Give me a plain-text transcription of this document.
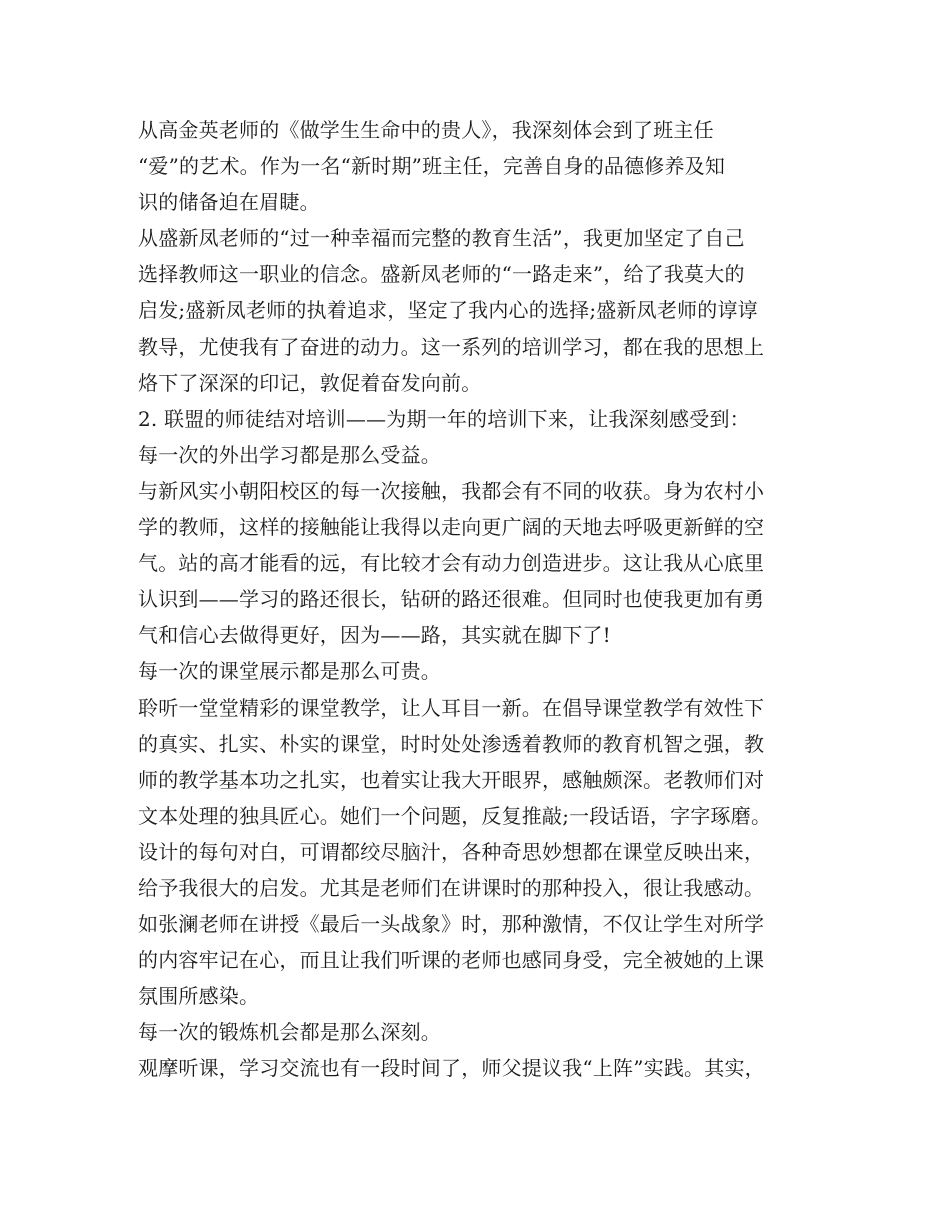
从高金英老师的《做学生生命中的贵人》，我深刻体会到了班主任
“爱”的艺术。作为一名“新时期”班主任，完善自身的品德修养及知
识的储备迫在眉睫。
从盛新凤老师的“过一种幸福而完整的教育生活”，我更加坚定了自己
选择教师这一职业的信念。盛新凤老师的“一路走来”，给了我莫大的
启发;盛新凤老师的执着追求，坚定了我内心的选择;盛新凤老师的谆谆
教导，尤使我有了奋进的动力。这一系列的培训学习，都在我的思想上
烙下了深深的印记，敦促着奋发向前。
2. 联盟的师徒结对培训——为期一年的培训下来，让我深刻感受到：
每一次的外出学习都是那么受益。
与新风实小朝阳校区的每一次接触，我都会有不同的收获。身为农村小
学的教师，这样的接触能让我得以走向更广阔的天地去呼吸更新鲜的空
气。站的高才能看的远，有比较才会有动力创造进步。这让我从心底里
认识到——学习的路还很长，钻研的路还很难。但同时也使我更加有勇
气和信心去做得更好，因为——路，其实就在脚下了!
每一次的课堂展示都是那么可贵。
聆听一堂堂精彩的课堂教学，让人耳目一新。在倡导课堂教学有效性下
的真实、扎实、朴实的课堂，时时处处渗透着教师的教育机智之强，教
师的教学基本功之扎实，也着实让我大开眼界，感触颇深。老教师们对
文本处理的独具匠心。她们一个问题，反复推敲;一段话语，字字琢磨。
设计的每句对白，可谓都绞尽脑汁，各种奇思妙想都在课堂反映出来，
给予我很大的启发。尤其是老师们在讲课时的那种投入，很让我感动。
如张澜老师在讲授《最后一头战象》时，那种激情，不仅让学生对所学
的内容牢记在心，而且让我们听课的老师也感同身受，完全被她的上课
氛围所感染。
每一次的锻炼机会都是那么深刻。
观摩听课，学习交流也有一段时间了，师父提议我“上阵”实践。其实，
